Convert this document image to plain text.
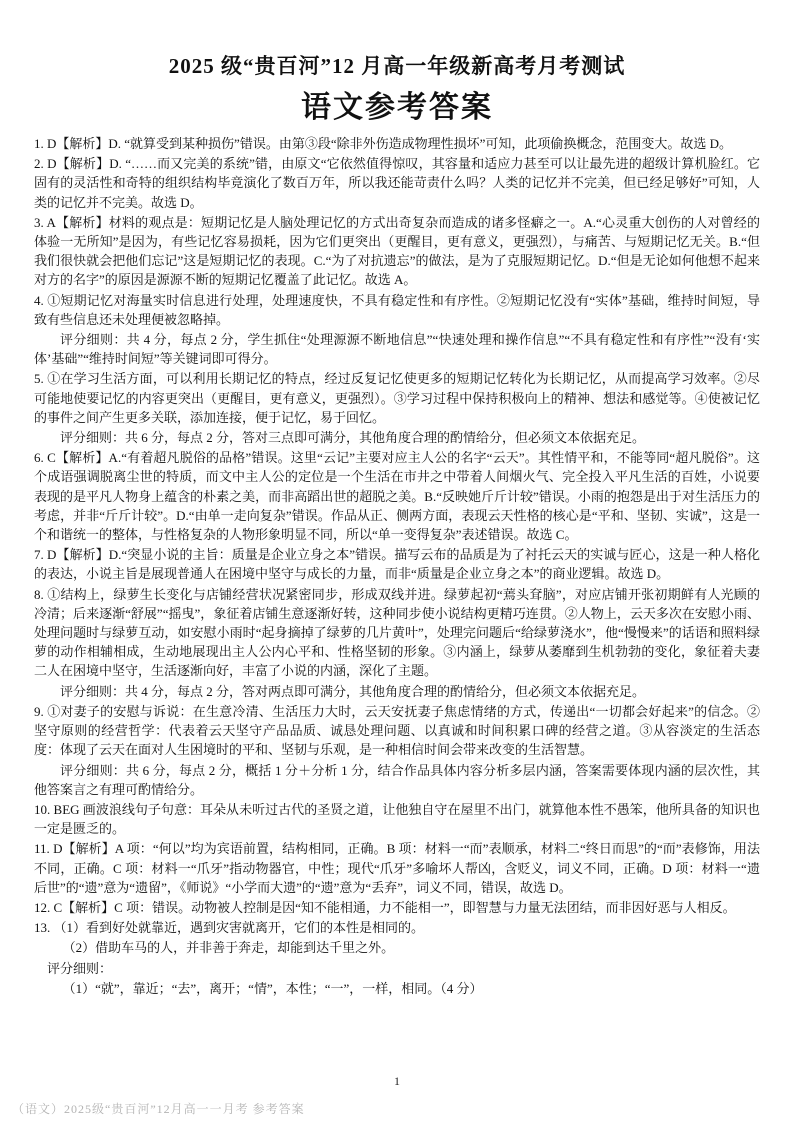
2025 级“贵百河”12 月高一年级新高考月考测试
语文参考答案

1. D【解析】D. “就算受到某种损伤”错误。由第③段“除非外伤造成物理性损坏”可知，此项偷换概念，范围变大。故选 D。

2. D【解析】D. “……而又完美的系统”错，由原文“它依然值得惊叹，其容量和适应力甚至可以让最先进的超级计算机脸红。它固有的灵活性和奇特的组织结构毕竟演化了数百万年，所以我还能苛责什么吗？人类的记忆并不完美，但已经足够好”可知，人类的记忆并不完美。故选 D。

3. A【解析】材料的观点是：短期记忆是人脑处理记忆的方式出奇复杂而造成的诸多怪癖之一。A.“心灵重大创伤的人对曾经的体验一无所知”是因为，有些记忆容易损耗，因为它们更突出（更醒目，更有意义，更强烈），与痛苦、与短期记忆无关。B.“但我们很快就会把他们忘记”这是短期记忆的表现。C.“为了对抗遗忘”的做法，是为了克服短期记忆。D.“但是无论如何他想不起来对方的名字”的原因是源源不断的短期记忆覆盖了此记忆。故选 A。

4. ①短期记忆对海量实时信息进行处理，处理速度快，不具有稳定性和有序性。②短期记忆没有“实体”基础，维持时间短，导致有些信息还未处理便被忽略掉。

评分细则：共 4 分，每点 2 分，学生抓住“处理源源不断地信息”“快速处理和操作信息”“不具有稳定性和有序性”“没有‘实体’基础”“维持时间短”等关键词即可得分。

5. ①在学习生活方面，可以利用长期记忆的特点，经过反复记忆使更多的短期记忆转化为长期记忆，从而提高学习效率。②尽可能地使要记忆的内容更突出（更醒目，更有意义，更强烈）。③学习过程中保持积极向上的精神、想法和感觉等。④使被记忆的事件之间产生更多关联，添加连接，便于记忆，易于回忆。

评分细则：共 6 分，每点 2 分，答对三点即可满分，其他角度合理的酌情给分，但必须文本依据充足。

6. C【解析】A.“有着超凡脱俗的品格”错误。这里“云记”主要对应主人公的名字“云天”。其性情平和，不能等同“超凡脱俗”。这个成语强调脱离尘世的特质，而文中主人公的定位是一个生活在市井之中带着人间烟火气、完全投入平凡生活的百姓，小说要表现的是平凡人物身上蕴含的朴素之美，而非高蹈出世的超脱之美。B.“反映她斤斤计较”错误。小雨的抱怨是出于对生活压力的考虑，并非“斤斤计较”。D.“由单一走向复杂”错误。作品从正、侧两方面，表现云天性格的核心是“平和、坚韧、实诚”，这是一个和谐统一的整体，与性格复杂的人物形象明显不同，所以“单一变得复杂”表述错误。故选 C。

7. D【解析】D.“突显小说的主旨：质量是企业立身之本”错误。描写云布的品质是为了衬托云天的实诚与匠心，这是一种人格化的表达，小说主旨是展现普通人在困境中坚守与成长的力量，而非“质量是企业立身之本”的商业逻辑。故选 D。

8. ①结构上，绿萝生长变化与店铺经营状况紧密同步，形成双线并进。绿萝起初“蔫头耷脑”，对应店铺开张初期鲜有人光顾的冷清；后来逐渐“舒展”“摇曳”，象征着店铺生意逐渐好转，这种同步使小说结构更精巧连贯。②人物上，云天多次在安慰小雨、处理问题时与绿萝互动，如安慰小雨时“起身摘掉了绿萝的几片黄叶”，处理完问题后“给绿萝浇水”，他“慢慢来”的话语和照料绿萝的动作相辅相成，生动地展现出主人公内心平和、性格坚韧的形象。③内涵上，绿萝从萎靡到生机勃勃的变化，象征着夫妻二人在困境中坚守，生活逐渐向好，丰富了小说的内涵，深化了主题。

评分细则：共 4 分，每点 2 分，答对两点即可满分，其他角度合理的酌情给分，但必须文本依据充足。

9. ①对妻子的安慰与诉说：在生意冷清、生活压力大时，云天安抚妻子焦虑情绪的方式，传递出“一切都会好起来”的信念。②坚守原则的经营哲学：代表着云天坚守产品品质、诚恳处理问题、以真诚和时间积累口碑的经营之道。③从容淡定的生活态度：体现了云天在面对人生困境时的平和、坚韧与乐观，是一种相信时间会带来改变的生活智慧。

评分细则：共 6 分，每点 2 分，概括 1 分＋分析 1 分，结合作品具体内容分析多层内涵，答案需要体现内涵的层次性，其他答案言之有理可酌情给分。

10. BEG 画波浪线句子句意：耳朵从未听过古代的圣贤之道，让他独自守在屋里不出门，就算他本性不愚笨，他所具备的知识也一定是匮乏的。

11. D【解析】A 项：“何以”均为宾语前置，结构相同，正确。B 项：材料一“而”表顺承，材料二“终日而思”的“而”表修饰，用法不同，正确。C 项：材料一“爪牙”指动物器官，中性；现代“爪牙”多喻坏人帮凶，含贬义，词义不同，正确。D 项：材料一“遗后世”的“遗”意为“遗留”，《师说》“小学而大遗”的“遗”意为“丢弃”，词义不同，错误，故选 D。

12. C【解析】C 项：错误。动物被人控制是因“知不能相通，力不能相一”，即智慧与力量无法团结，而非因好恶与人相反。

13. （1）看到好处就靠近，遇到灾害就离开，它们的本性是相同的。

（2）借助车马的人，并非善于奔走，却能到达千里之外。

评分细则：

（1）“就”，靠近；“去”，离开；“情”，本性；“一”，一样，相同。（4 分）

1
（语文）2025级“贵百河”12月高一一月考 参考答案
